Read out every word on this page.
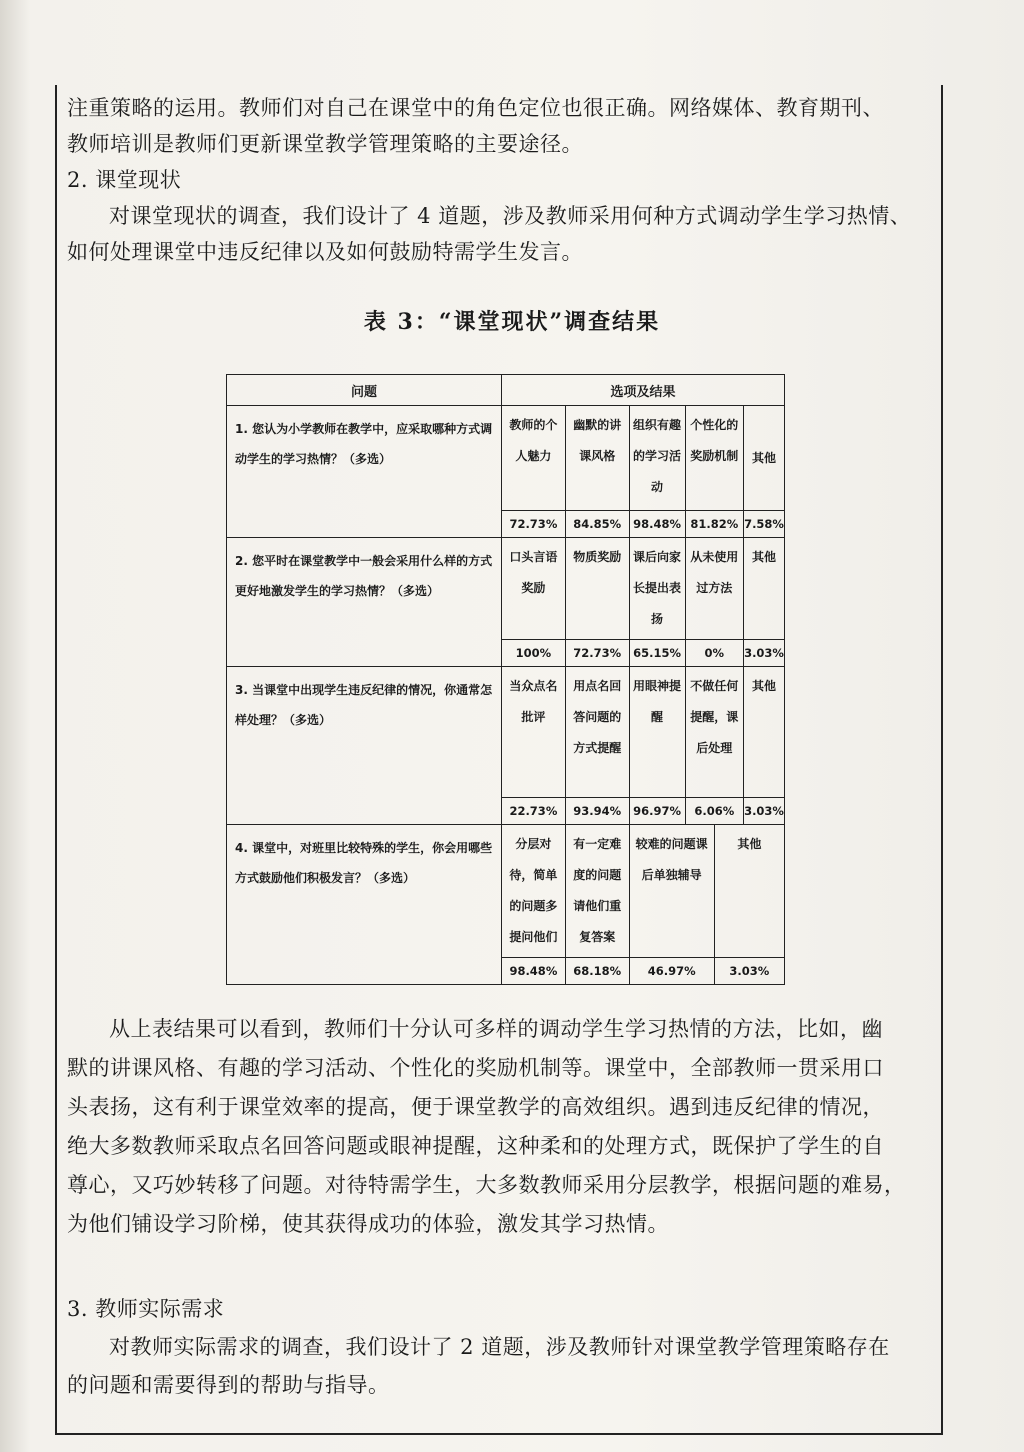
注重策略的运用。教师们对自己在课堂中的角色定位也很正确。网络媒体、教育期刊、
教师培训是教师们更新课堂教学管理策略的主要途径。
2. 课堂现状
对课堂现状的调查，我们设计了 4 道题，涉及教师采用何种方式调动学生学习热情、
如何处理课堂中违反纪律以及如何鼓励特需学生发言。
表 3：“课堂现状”调查结果
问题	选项及结果					
1. 您认为小学教师在教学中，应采取哪种方式调动学生的学习热情？（多选）	教师的个人魅力	幽默的讲课风格	组织有趣的学习活动	个性化的奖励机制		其他
	72.73%	84.85%	98.48%	81.82%		7.58%
2. 您平时在课堂教学中一般会采用什么样的方式更好地激发学生的学习热情？（多选）	口头言语奖励	物质奖励	课后向家长提出表扬	从未使用过方法		其他
	100%	72.73%	65.15%	0%		3.03%
3. 当课堂中出现学生违反纪律的情况，你通常怎样处理？（多选）	当众点名批评	用点名回答问题的方式提醒	用眼神提醒	不做任何提醒，课后处理		其他
	22.73%	93.94%	96.97%	6.06%		3.03%
4. 课堂中，对班里比较特殊的学生，你会用哪些方式鼓励他们积极发言？（多选）	分层对待，简单的问题多提问他们	有一定难度的问题请他们重复答案	较难的问题课后单独辅导		其他	
	98.48%	68.18%	46.97%		3.03%	
从上表结果可以看到，教师们十分认可多样的调动学生学习热情的方法，比如，幽
默的讲课风格、有趣的学习活动、个性化的奖励机制等。课堂中，全部教师一贯采用口
头表扬，这有利于课堂效率的提高，便于课堂教学的高效组织。遇到违反纪律的情况，
绝大多数教师采取点名回答问题或眼神提醒，这种柔和的处理方式，既保护了学生的自
尊心，又巧妙转移了问题。对待特需学生，大多数教师采用分层教学，根据问题的难易，
为他们铺设学习阶梯，使其获得成功的体验，激发其学习热情。
3. 教师实际需求
对教师实际需求的调查，我们设计了 2 道题，涉及教师针对课堂教学管理策略存在
的问题和需要得到的帮助与指导。
